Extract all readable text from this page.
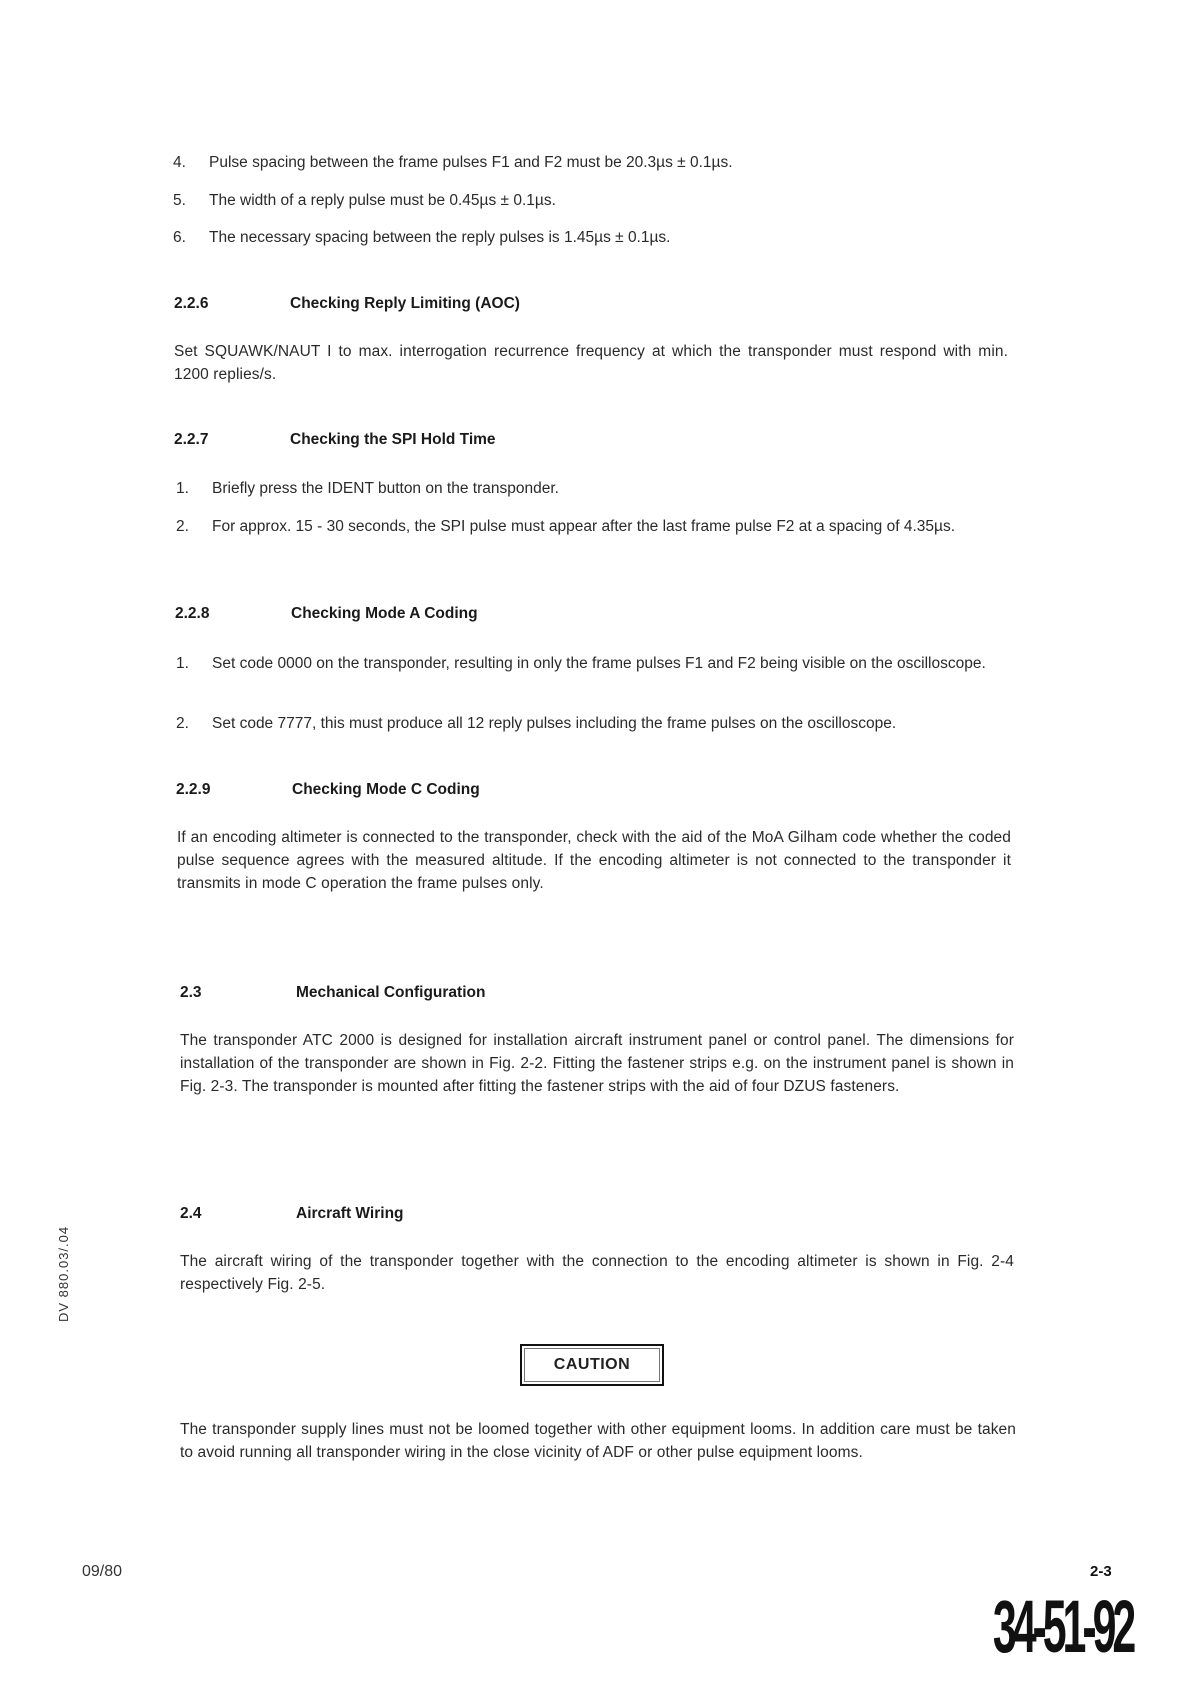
4. Pulse spacing between the frame pulses F1 and F2 must be 20.3µs ± 0.1µs.
5. The width of a reply pulse must be 0.45µs ± 0.1µs.
6. The necessary spacing between the reply pulses is 1.45µs ± 0.1µs.
2.2.6	Checking Reply Limiting (AOC)
Set SQUAWK/NAUT I to max. interrogation recurrence frequency at which the transponder must respond with min. 1200 replies/s.
2.2.7	Checking the SPI Hold Time
1. Briefly press the IDENT button on the transponder.
2. For approx. 15 - 30 seconds, the SPI pulse must appear after the last frame pulse F2 at a spacing of 4.35µs.
2.2.8	Checking Mode A Coding
1. Set code 0000 on the transponder, resulting in only the frame pulses F1 and F2 being visible on the oscilloscope.
2. Set code 7777, this must produce all 12 reply pulses including the frame pulses on the oscilloscope.
2.2.9	Checking Mode C Coding
If an encoding altimeter is connected to the transponder, check with the aid of the MoA Gilham code whether the coded pulse sequence agrees with the measured altitude. If the encoding altimeter is not connected to the transponder it transmits in mode C operation the frame pulses only.
2.3	Mechanical Configuration
The transponder ATC 2000 is designed for installation aircraft instrument panel or control panel. The dimensions for installation of the transponder are shown in Fig. 2-2. Fitting the fastener strips e.g. on the instrument panel is shown in Fig. 2-3. The transponder is mounted after fitting the fastener strips with the aid of four DZUS fasteners.
2.4	Aircraft Wiring
The aircraft wiring of the transponder together with the connection to the encoding altimeter is shown in Fig. 2-4 respectively Fig. 2-5.
CAUTION
The transponder supply lines must not be loomed together with other equipment looms. In addition care must be taken to avoid running all transponder wiring in the close vicinity of ADF or other pulse equipment looms.
DV 880.03/.04
09/80	2-3
34-51-92
